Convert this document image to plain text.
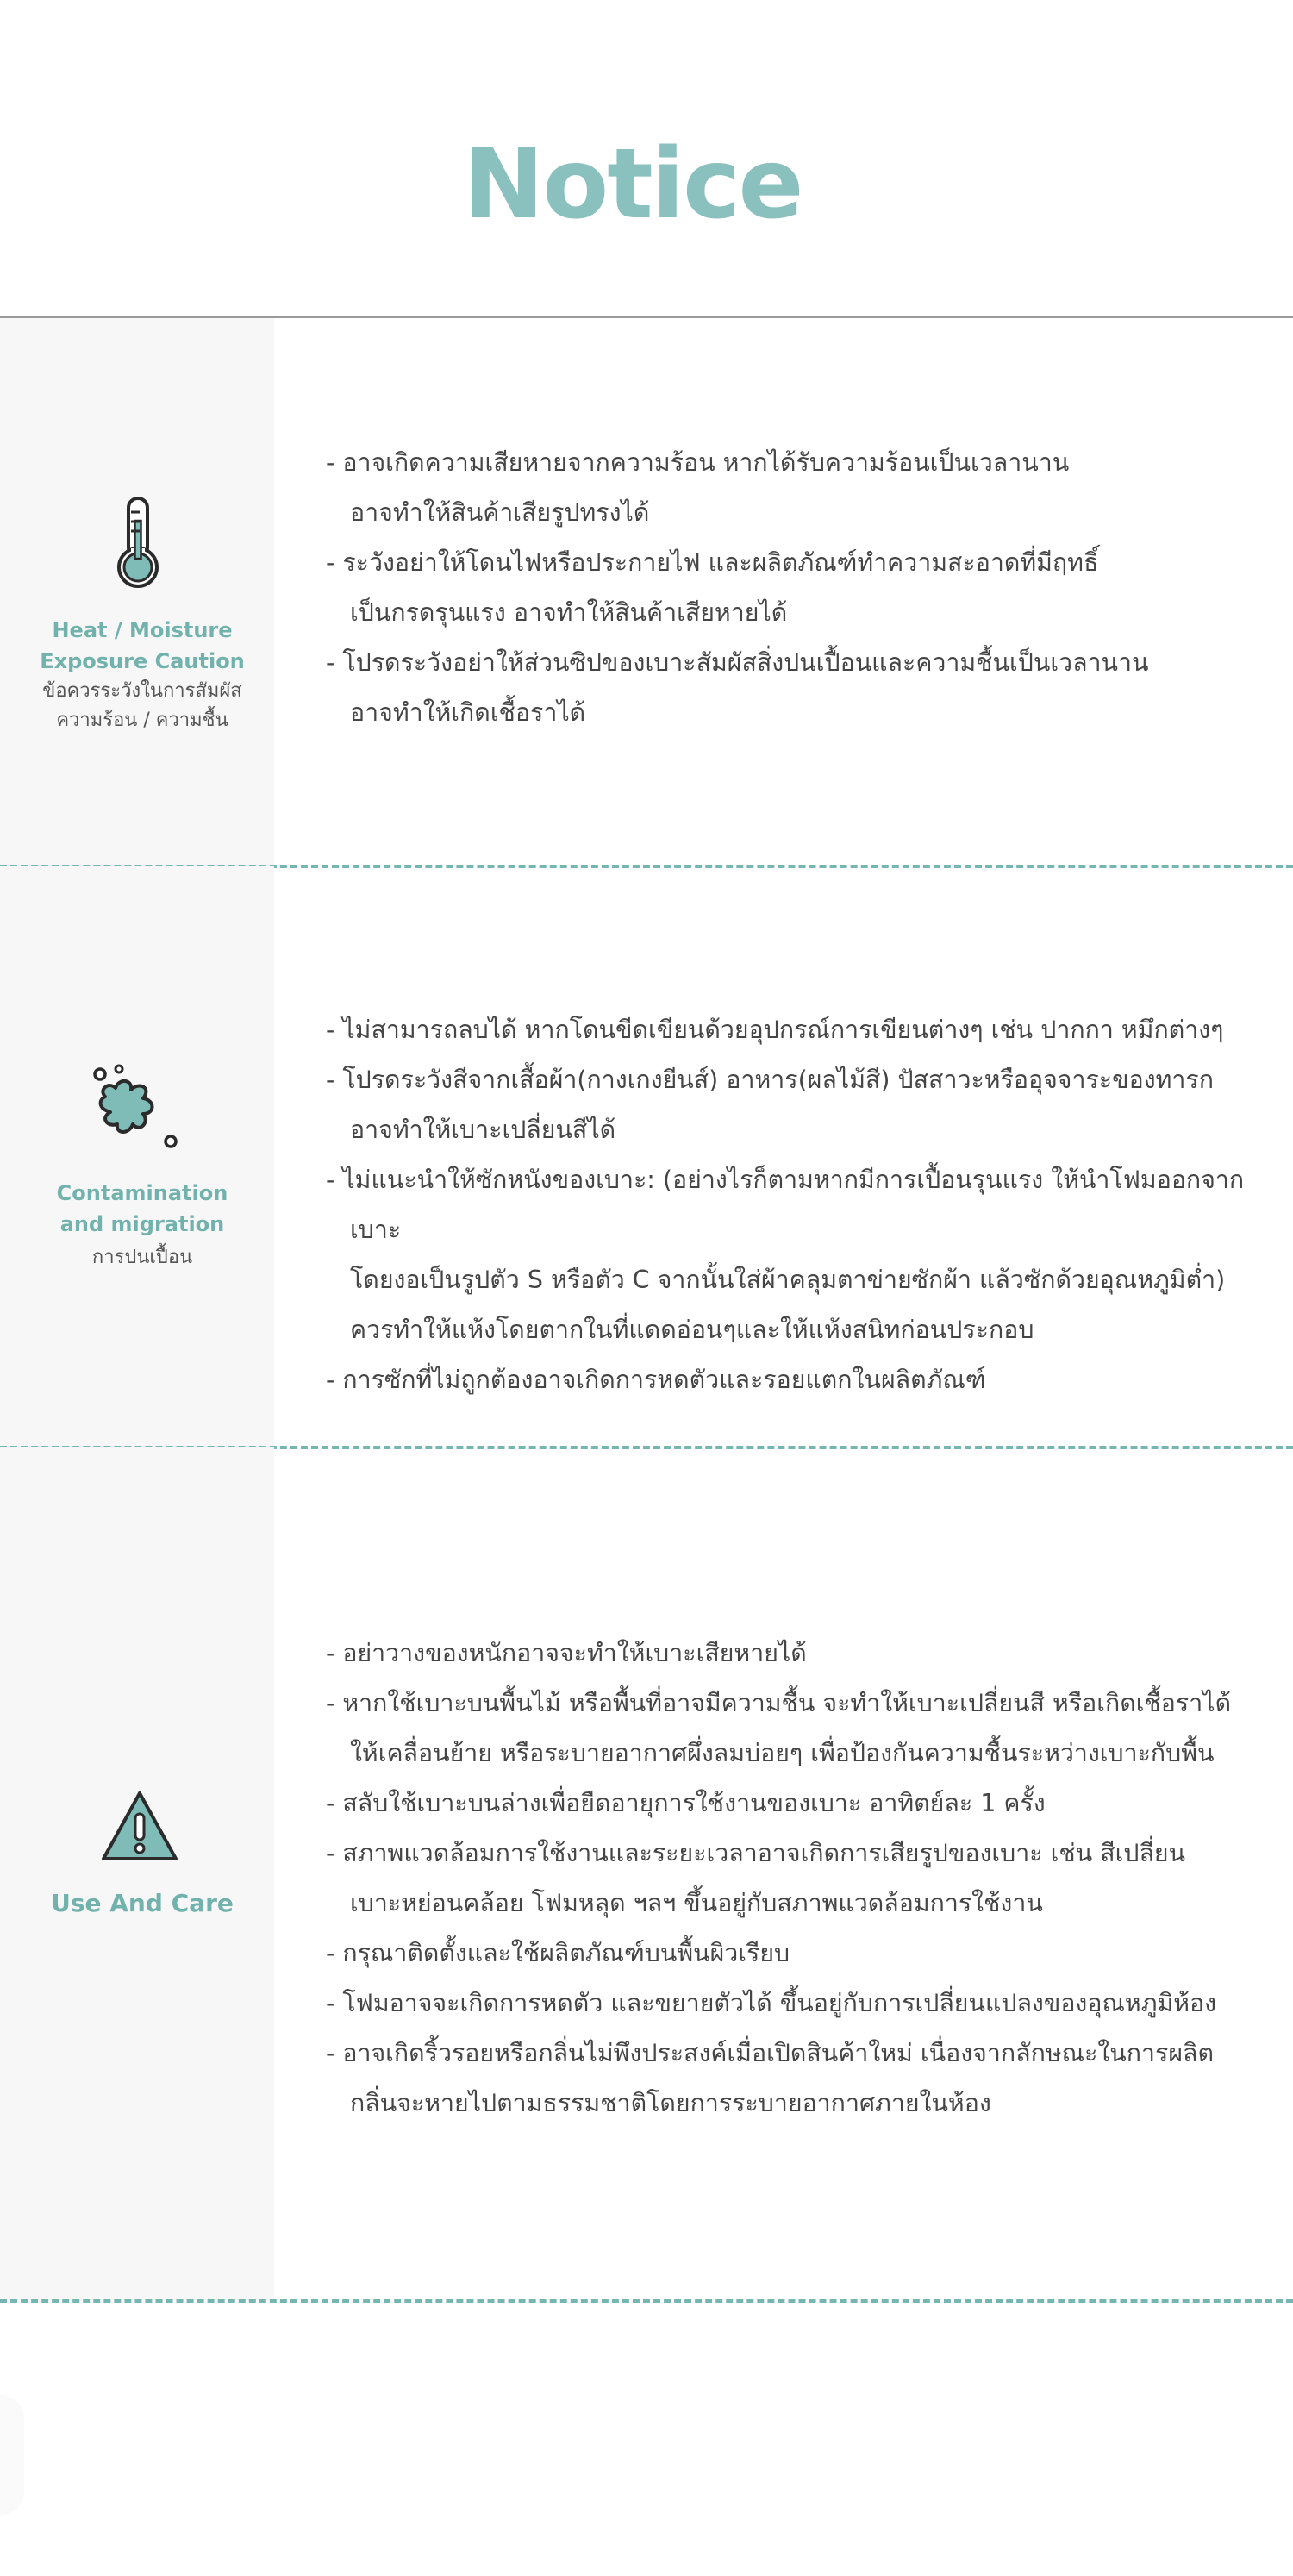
Notice
Heat / Moisture
Exposure Caution
ข้อควรระวังในการสัมผัส
ความร้อน / ความชื้น
- อาจเกิดความเสียหายจากความร้อน หากได้รับความร้อนเป็นเวลานาน
อาจทำให้สินค้าเสียรูปทรงได้
- ระวังอย่าให้โดนไฟหรือประกายไฟ และผลิตภัณฑ์ทำความสะอาดที่มีฤทธิ์
เป็นกรดรุนแรง อาจทำให้สินค้าเสียหายได้
- โปรดระวังอย่าให้ส่วนซิปของเบาะสัมผัสสิ่งปนเปื้อนและความชื้นเป็นเวลานาน
อาจทำให้เกิดเชื้อราได้
Contamination
and migration
การปนเปื้อน
- ไม่สามารถลบได้ หากโดนขีดเขียนด้วยอุปกรณ์การเขียนต่างๆ เช่น ปากกา หมึกต่างๆ
- โปรดระวังสีจากเสื้อผ้า(กางเกงยีนส์) อาหาร(ผลไม้สี) ปัสสาวะหรืออุจจาระของทารก
อาจทำให้เบาะเปลี่ยนสีได้
- ไม่แนะนำให้ซักหนังของเบาะ: (อย่างไรก็ตามหากมีการเปื้อนรุนแรง ให้นำโฟมออกจากเบาะ
โดยงอเป็นรูปตัว S หรือตัว C จากนั้นใส่ผ้าคลุมตาข่ายซักผ้า แล้วซักด้วยอุณหภูมิต่ำ)
ควรทำให้แห้งโดยตากในที่แดดอ่อนๆและให้แห้งสนิทก่อนประกอบ
- การซักที่ไม่ถูกต้องอาจเกิดการหดตัวและรอยแตกในผลิตภัณฑ์
Use And Care
- อย่าวางของหนักอาจจะทำให้เบาะเสียหายได้
- หากใช้เบาะบนพื้นไม้ หรือพื้นที่อาจมีความชื้น จะทำให้เบาะเปลี่ยนสี หรือเกิดเชื้อราได้
ให้เคลื่อนย้าย หรือระบายอากาศผึ่งลมบ่อยๆ เพื่อป้องกันความชื้นระหว่างเบาะกับพื้น
- สลับใช้เบาะบนล่างเพื่อยืดอายุการใช้งานของเบาะ อาทิตย์ละ 1 ครั้ง
- สภาพแวดล้อมการใช้งานและระยะเวลาอาจเกิดการเสียรูปของเบาะ เช่น สีเปลี่ยน
เบาะหย่อนคล้อย โฟมหลุด ฯลฯ ขึ้นอยู่กับสภาพแวดล้อมการใช้งาน
- กรุณาติดตั้งและใช้ผลิตภัณฑ์บนพื้นผิวเรียบ
- โฟมอาจจะเกิดการหดตัว และขยายตัวได้ ขึ้นอยู่กับการเปลี่ยนแปลงของอุณหภูมิห้อง
- อาจเกิดริ้วรอยหรือกลิ่นไม่พึงประสงค์เมื่อเปิดสินค้าใหม่ เนื่องจากลักษณะในการผลิต
กลิ่นจะหายไปตามธรรมชาติโดยการระบายอากาศภายในห้อง
